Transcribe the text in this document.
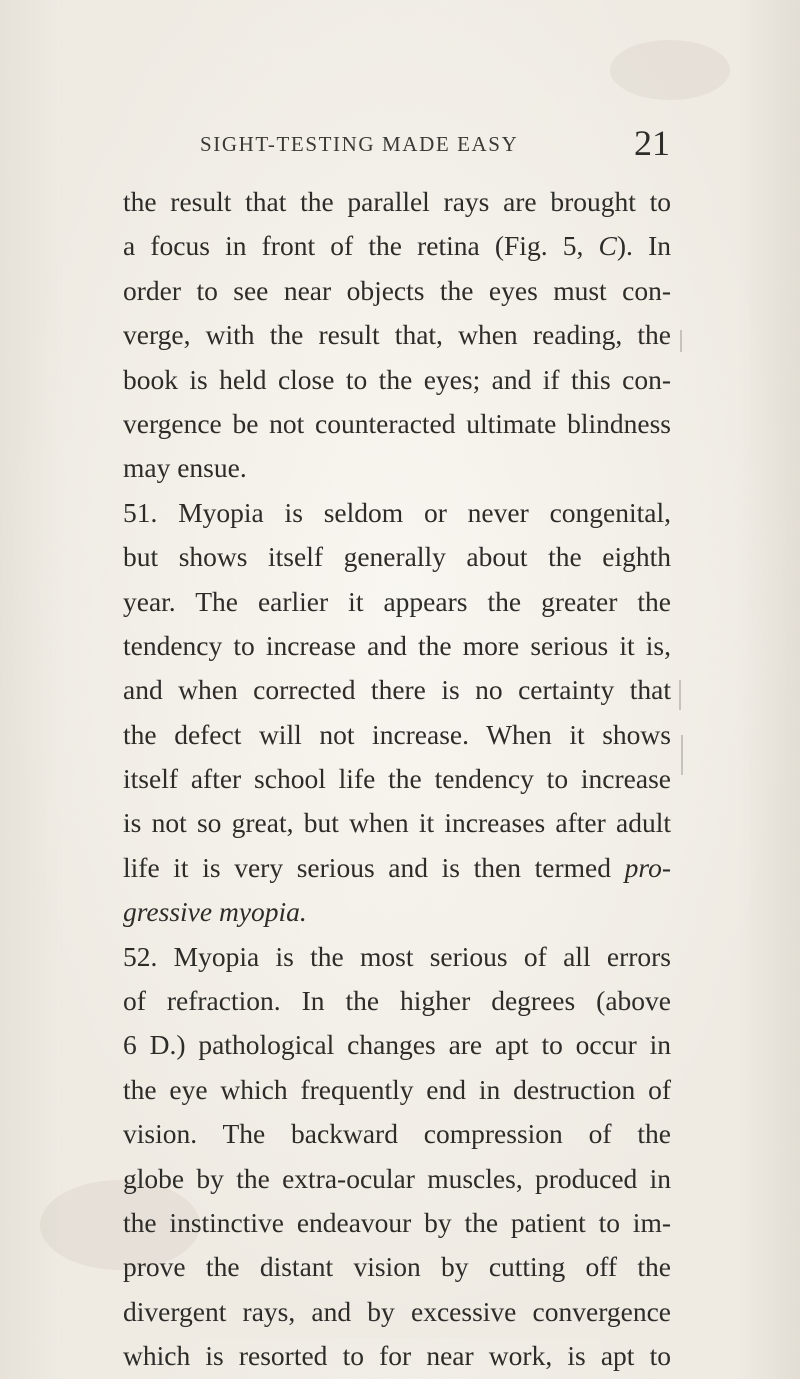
SIGHT-TESTING MADE EASY	21
the result that the parallel rays are brought to
a focus in front of the retina (Fig. 5, C). In
order to see near objects the eyes must con-
verge, with the result that, when reading, the
book is held close to the eyes; and if this con-
vergence be not counteracted ultimate blindness
may ensue.
51. Myopia is seldom or never congenital,
but shows itself generally about the eighth
year. The earlier it appears the greater the
tendency to increase and the more serious it is,
and when corrected there is no certainty that
the defect will not increase. When it shows
itself after school life the tendency to increase
is not so great, but when it increases after adult
life it is very serious and is then termed pro-
gressive myopia.
52. Myopia is the most serious of all errors
of refraction. In the higher degrees (above
6 D.) pathological changes are apt to occur in
the eye which frequently end in destruction of
vision. The backward compression of the
globe by the extra-ocular muscles, produced in
the instinctive endeavour by the patient to im-
prove the distant vision by cutting off the
divergent rays, and by excessive convergence
which is resorted to for near work, is apt to
